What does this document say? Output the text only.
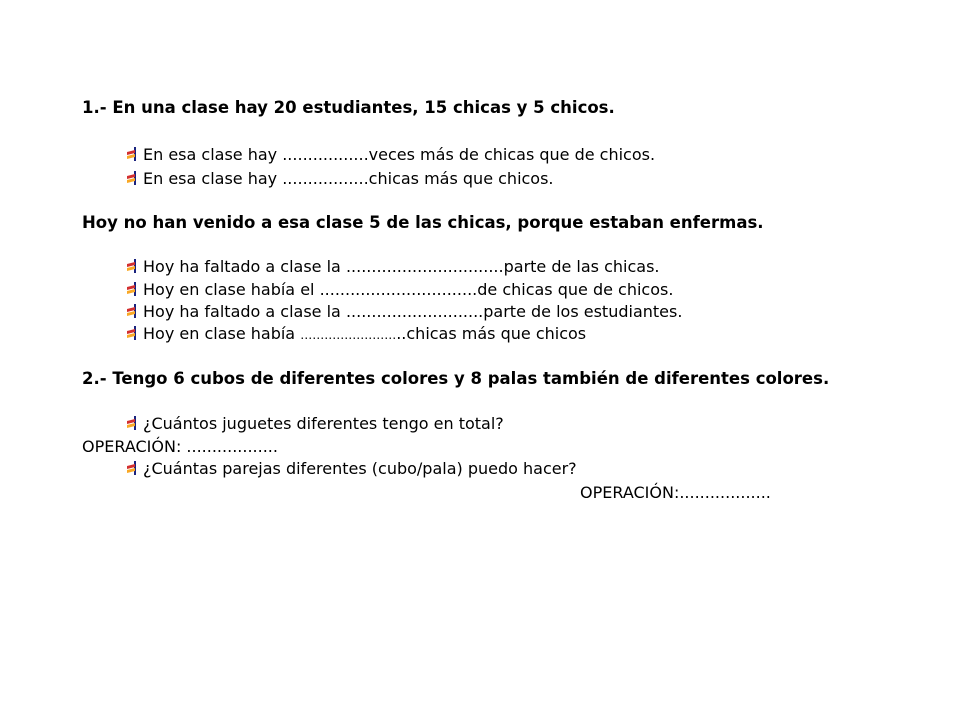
1.- En una clase hay 20 estudiantes, 15 chicas y 5 chicos.
En esa clase hay .................veces más de chicas que de chicos.
En esa clase hay .................chicas más que chicos.
Hoy no han venido a esa clase 5 de las chicas, porque estaban enfermas.
Hoy ha faltado a clase la ...............................parte de las chicas.
Hoy en clase había el ...............................de chicas que de chicos.
Hoy ha faltado a clase la ...........................parte de los estudiantes.
Hoy en clase había ……………………..chicas más que chicos
2.- Tengo 6 cubos de diferentes colores y 8 palas también de diferentes colores.
¿Cuántos juguetes diferentes tengo en total?
OPERACIÓN: ..................
¿Cuántas parejas diferentes (cubo/pala) puedo hacer?
OPERACIÓN:..................
